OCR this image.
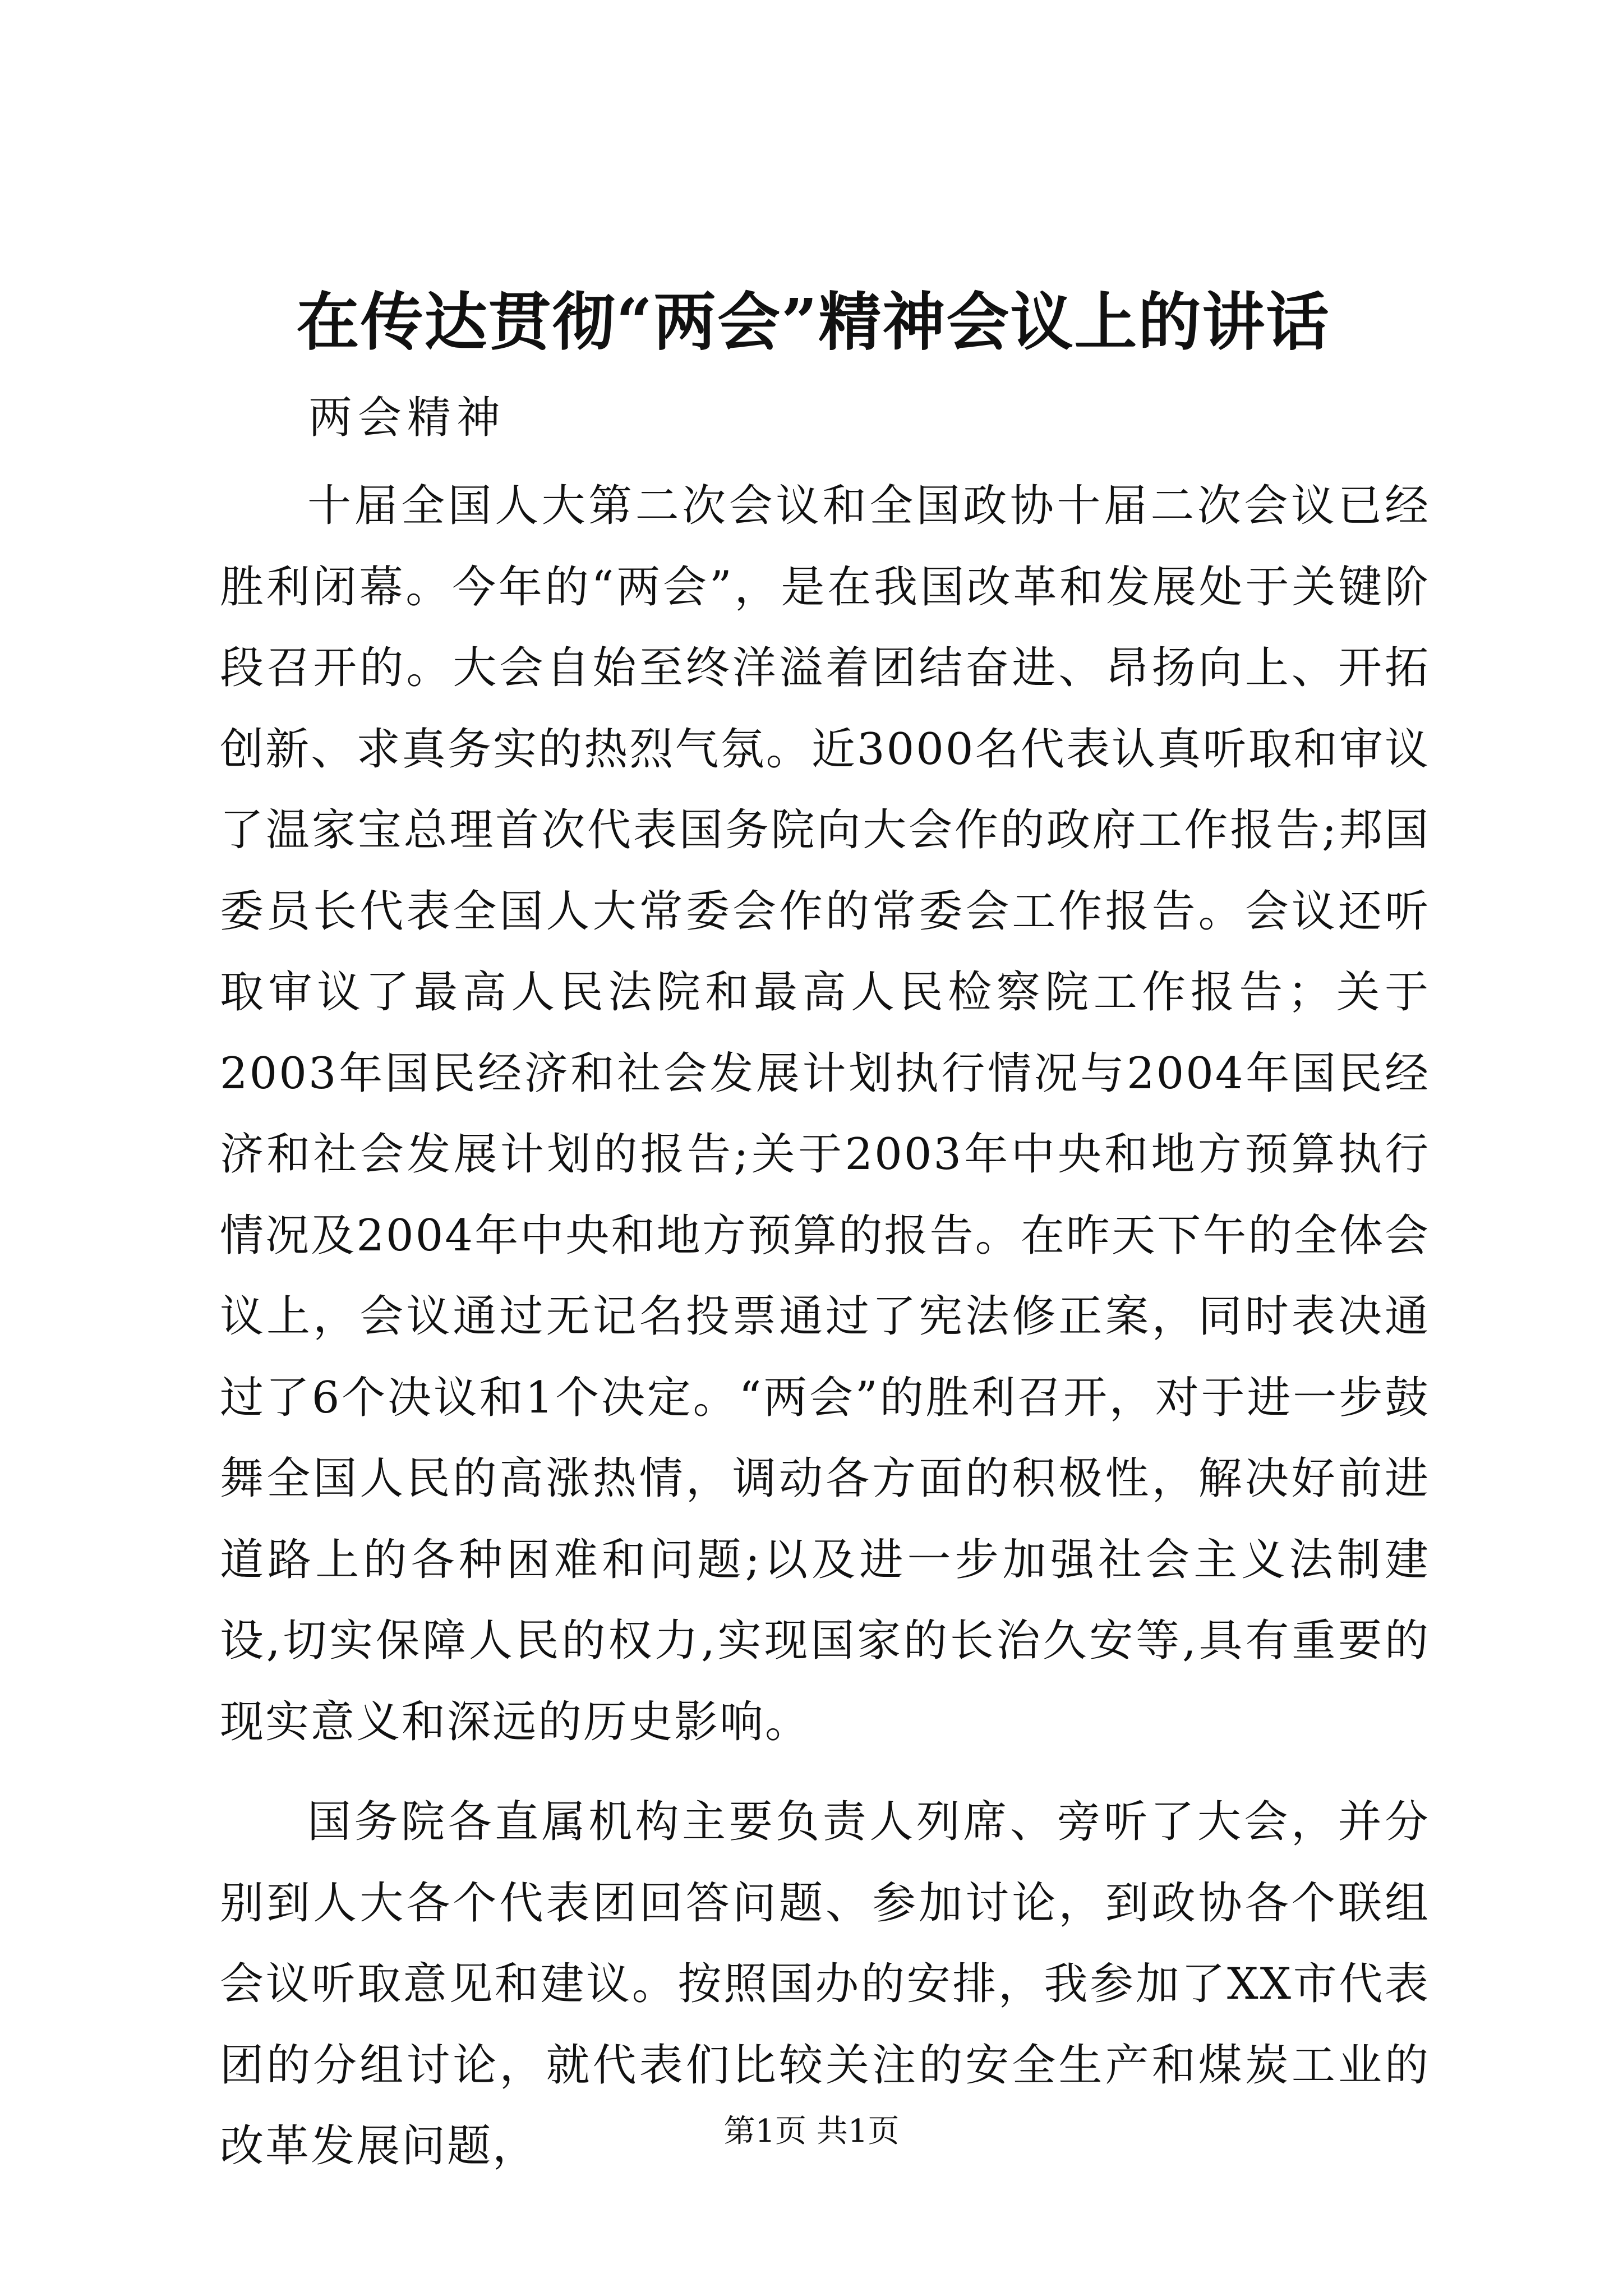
在传达贯彻“两会”精神会议上的讲话
两会精神

十届全国人大第二次会议和全国政协十届二次会议已经胜利闭幕。今年的“两会”，是在我国改革和发展处于关键阶段召开的。大会自始至终洋溢着团结奋进、昂扬向上、开拓创新、求真务实的热烈气氛。近3000名代表认真听取和审议了温家宝总理首次代表国务院向大会作的政府工作报告;邦国委员长代表全国人大常委会作的常委会工作报告。会议还听取审议了最高人民法院和最高人民检察院工作报告；关于2003年国民经济和社会发展计划执行情况与2004年国民经济和社会发展计划的报告;关于2003年中央和地方预算执行情况及2004年中央和地方预算的报告。在昨天下午的全体会议上，会议通过无记名投票通过了宪法修正案，同时表决通过了6个决议和1个决定。“两会”的胜利召开，对于进一步鼓舞全国人民的高涨热情，调动各方面的积极性，解决好前进道路上的各种困难和问题;以及进一步加强社会主义法制建设,切实保障人民的权力,实现国家的长治久安等,具有重要的现实意义和深远的历史影响。

国务院各直属机构主要负责人列席、旁听了大会，并分别到人大各个代表团回答问题、参加讨论，到政协各个联组会议听取意见和建议。按照国办的安排，我参加了XX市代表团的分组讨论，就代表们比较关注的安全生产和煤炭工业的改革发展问题，	第1页 共1页
